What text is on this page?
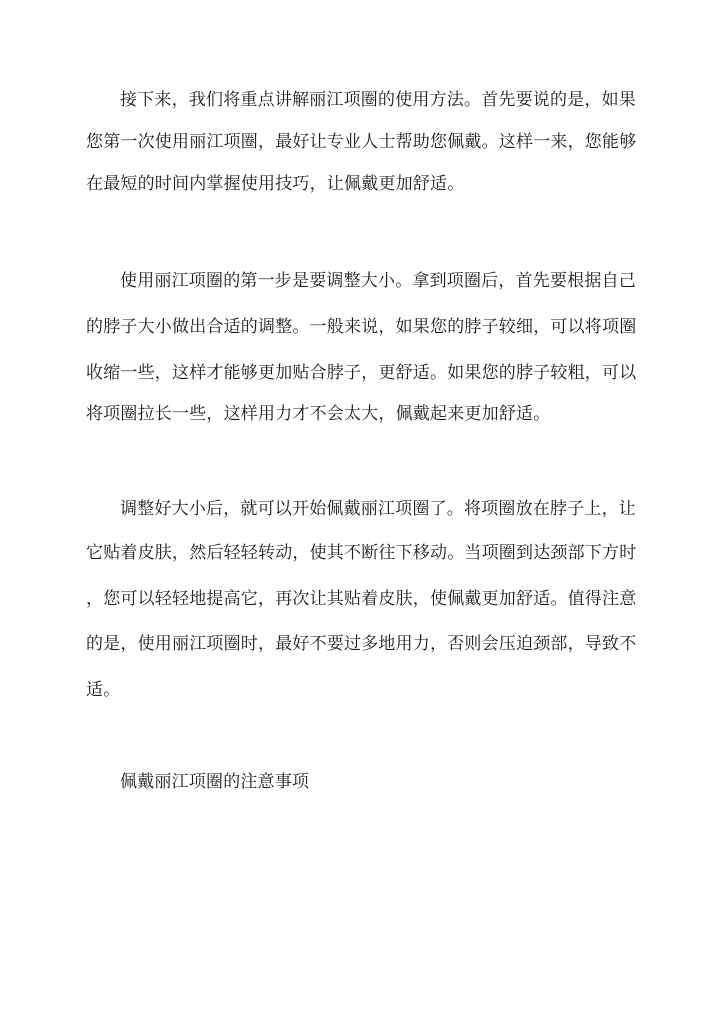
接下来，我们将重点讲解丽江项圈的使用方法。首先要说的是，如果
您第一次使用丽江项圈，最好让专业人士帮助您佩戴。这样一来，您能够
在最短的时间内掌握使用技巧，让佩戴更加舒适。
使用丽江项圈的第一步是要调整大小。拿到项圈后，首先要根据自己
的脖子大小做出合适的调整。一般来说，如果您的脖子较细，可以将项圈
收缩一些，这样才能够更加贴合脖子，更舒适。如果您的脖子较粗，可以
将项圈拉长一些，这样用力才不会太大，佩戴起来更加舒适。
调整好大小后，就可以开始佩戴丽江项圈了。将项圈放在脖子上，让
它贴着皮肤，然后轻轻转动，使其不断往下移动。当项圈到达颈部下方时
，您可以轻轻地提高它，再次让其贴着皮肤，使佩戴更加舒适。值得注意
的是，使用丽江项圈时，最好不要过多地用力，否则会压迫颈部，导致不
适。
佩戴丽江项圈的注意事项
